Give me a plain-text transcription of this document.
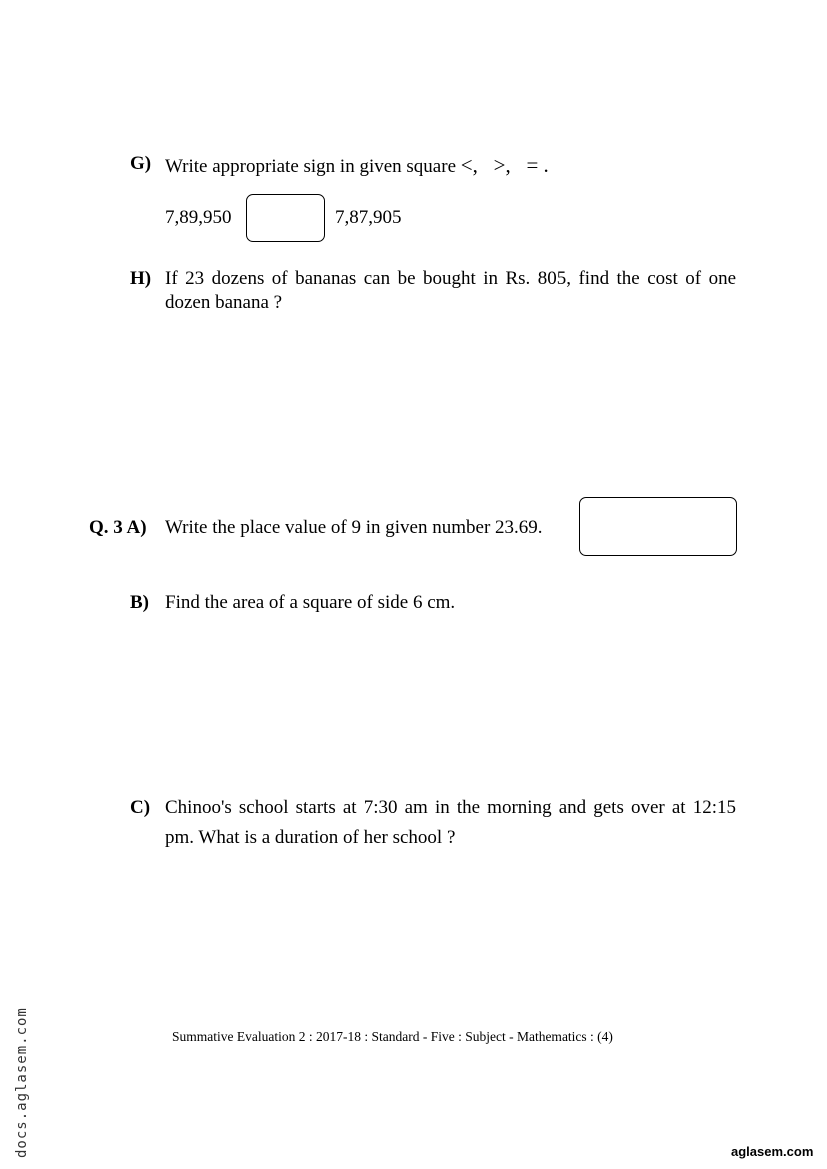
G) Write appropriate sign in given square <,   >,   = .
7,89,950	7,87,905
H) If 23 dozens of bananas can be bought in Rs. 805, find the cost of one
dozen banana ?
Q. 3 A) Write the place value of 9 in given number 23.69.
B) Find the area of a square of side 6 cm.
C) Chinoo's school starts at 7:30 am in the morning and gets over at 12:15
pm. What is a duration of her school ?
Summative Evaluation 2 : 2017-18 : Standard - Five : Subject - Mathematics : (4)
docs.aglasem.com	aglasem.com
